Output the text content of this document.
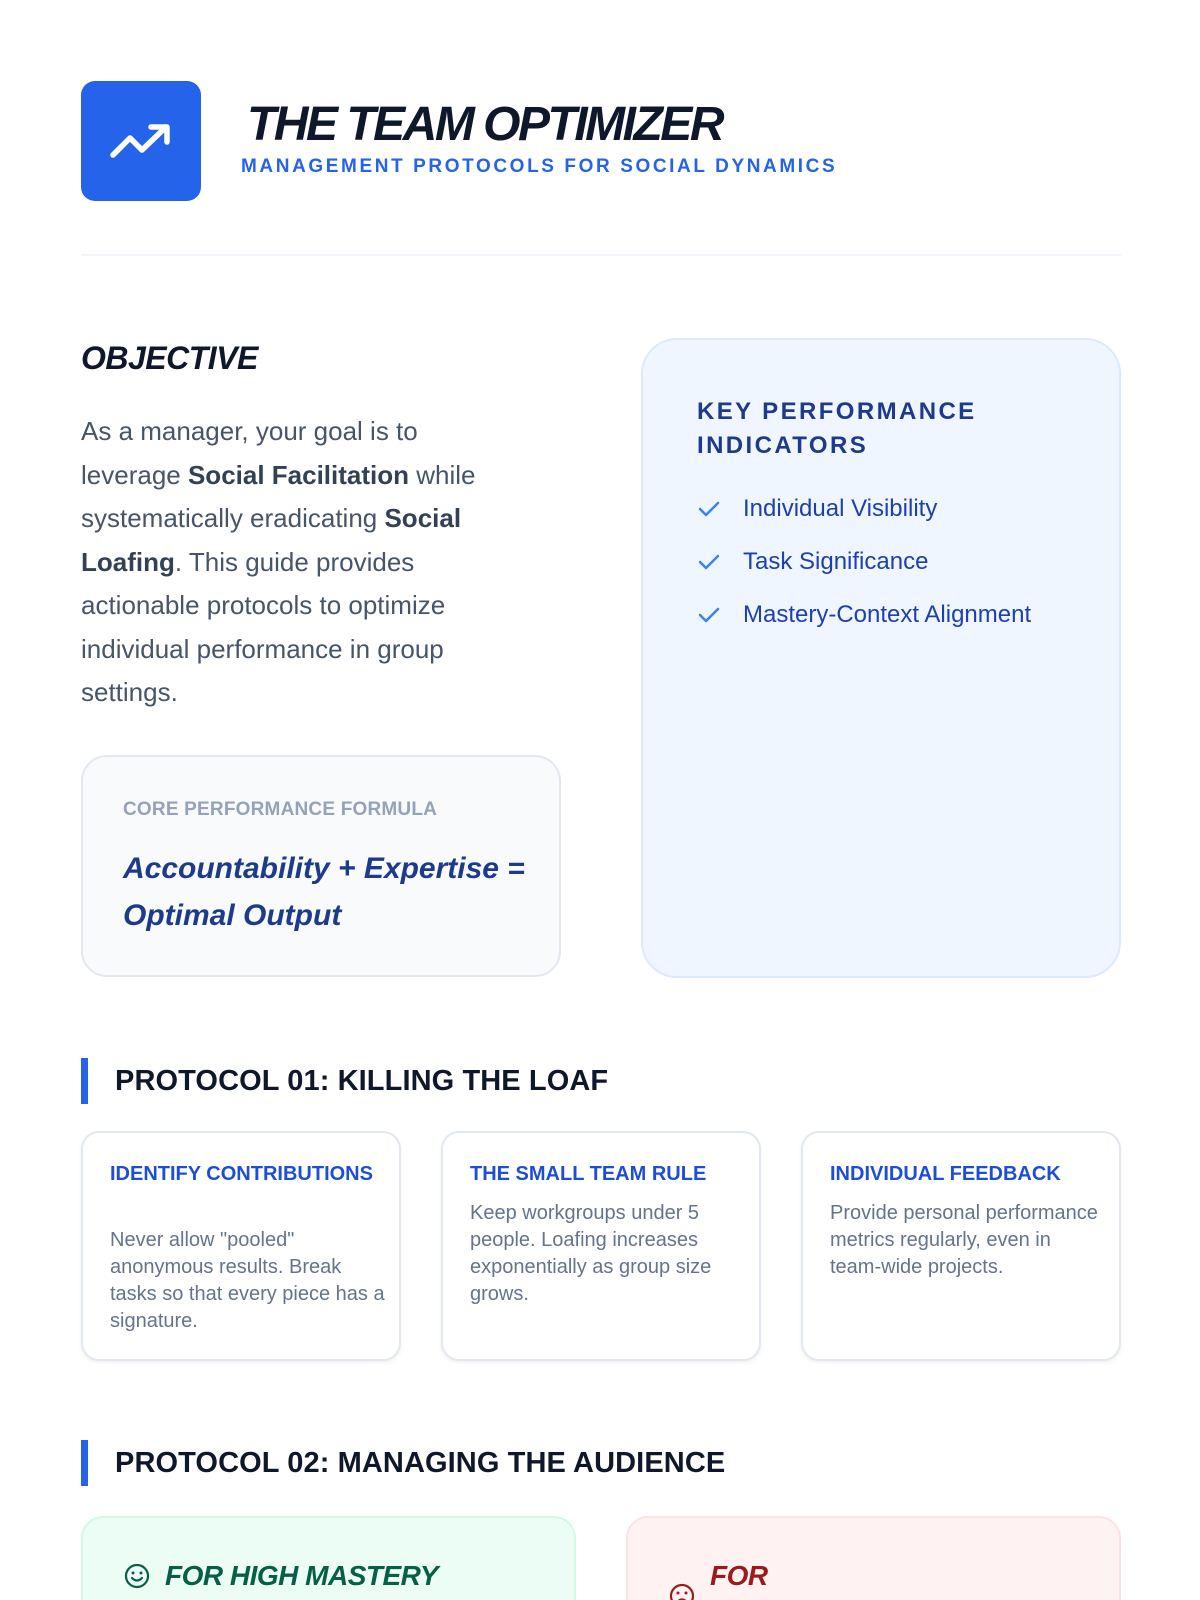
THE TEAM OPTIMIZER
MANAGEMENT PROTOCOLS FOR SOCIAL DYNAMICS
OBJECTIVE

As a manager, your goal is to leverage Social Facilitation while systematically eradicating Social Loafing. This guide provides actionable protocols to optimize individual performance in group settings.

CORE PERFORMANCE FORMULA
Accountability + Expertise = Optimal Output
KEY PERFORMANCE INDICATORS
Individual Visibility
Task Significance
Mastery-Context Alignment
PROTOCOL 01: KILLING THE LOAF
IDENTIFY CONTRIBUTIONS
Never allow "pooled" anonymous results. Break tasks so that every piece has a signature.
THE SMALL TEAM RULE
Keep workgroups under 5 people. Loafing increases exponentially as group size grows.
INDIVIDUAL FEEDBACK
Provide personal performance metrics regularly, even in team-wide projects.
PROTOCOL 02: MANAGING THE AUDIENCE
FOR HIGH MASTERY	FOR
